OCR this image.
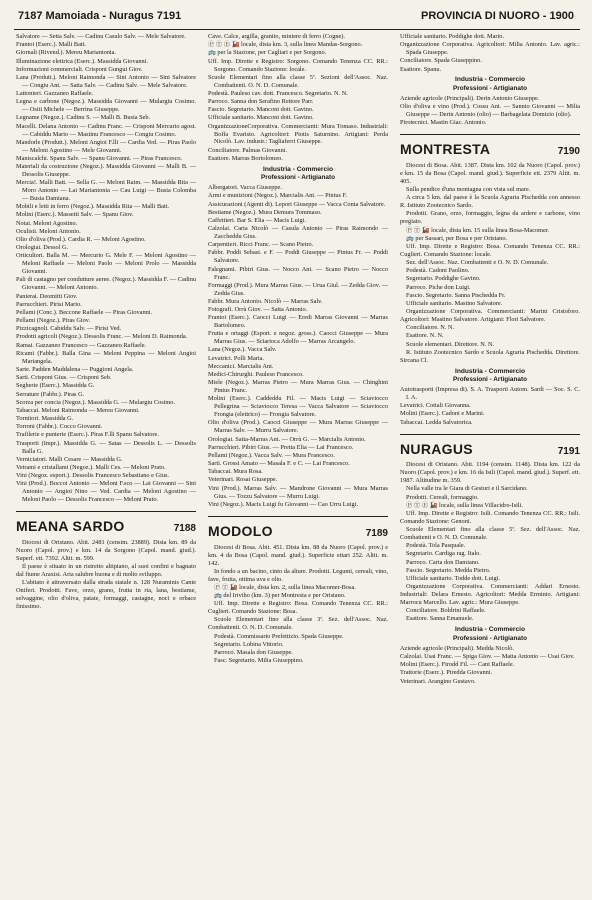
7187 Mamoiada - Nuragus 7191	PROVINCIA DI NUORO - 1900

Salvatore — Setta Salv. — Cadinu Casulo Salv. — Mele Salvatore.

Frantoi (Eserc.). Malli Batt.

Giornali (Rivend.). Mereu Mariantonia.

Illuminazione elettrica (Eserc.). Massidda Giovanni.

Informazioni commerciali. Crisponi Gungui Giov.

Lana (Produtt.). Meloni Raimonda — Sini Antonio — Sini Salvatore — Congiu Ant. — Satta Salv. — Cadinu Salv. — Mele Salvatore.

Lattonieri. Gazzaneo Raffaele.

Legna e carbone (Negoz.). Massidda Giovanni — Mulargiu Cosimo. — Ositi Michele — Berrina Giuseppe.

Legname (Negoz.). Cadinu S. — Malli B. Busia Seb.

Macelli. Delana Antonio — Cadinu Franc. — Crisponi Mercurio agost. — Cabiddu Mario — Mastinu Francesco — Congiu Cosimo.

Mandorle (Produtt.). Meloni Angioi F.lli — Cardia Ved. — Piras Paolo — Meloni Agostino — Mele Giovanni.

Maniscalchi. Spanu Salv. — Spanu Giovanni. — Piras Francesco.

Materiali da costruzione (Negoz.). Massidda Giovanni — Malli B. — Dessolis Giuseppe.

Mercia!. Malli Batt. — Sella G. — Meloni Raim. — Massidda Rita — Moro Antonio — Lai Mariantonia — Cau Luigi — Busia Colomba — Busia Damiana.

Mobili e letti in ferro (Negoz.). Massidda Rita — Malli Batt.

Molini (Eserc.). Massetti Salv. — Spanu Giov.

Notai. Meloni Agostino.

Oculisti. Meloni Antonio.

Olio d'oliva (Prod.). Cardia R. — Meloni Agostino.

Orologiai. Dessol G.

Orticultori. Balla M. — Mercurio G. Mele F. — Meloni Agostino — Meloni Raffaele — Meloni Paolo — Meloni Prolo — Massidda Giovanni.

Pali di castagno per condutture aeree. (Negoz.). Massidda F. — Cadinu Giovanni. — Meloni Antonio.

Panierai. Deomitti Giov.

Parrucchieri. Pirisi Mario.

Pellami (Conc.). Beccone Raffaele — Piras Giovanni.

Pellami (Negoz.). Piras Giov.

Pizzicagnoli. Cabiddu Salv. — Pirisi Ved.

Prodotti agricoli (Negoz.). Dessolis Franc. — Meloni D. Raimonda.

Ramai. Gazzaneo Francesco — Gazzaneo Raffaele.

Ricami (Fabbr.). Balla Gina — Meloni Peppina — Meloni Angioi Mariangela.

Sarte. Padden Maddalena — Puggioni Angela.

Sarti. Crisponi Gius. — Crisponi Seb.

Segherie (Eserc.). Massidda G.

Serrature (Fabbr.). Piras G.

Scorza per concia (Negoz.). Massidda G. — Mulargiu Cosimo.

Tabaccai. Meloni Raimonda — Mereu Giovanni.

Tornitori. Massidda G.

Torroni (Fabbr.). Cocco Giovanni.

Trafilerie e punterie (Eserc.). Piras F.lli Spanu Salvatore.

Trasporti (Impr.). Massidda G. — Satas — Dessolis L. — Dessolis Balla G.

Verniciatori. Malli Cesare — Massidda G.

Vetrami e cristallami (Negoz.). Malli Ces. — Meloni Prato.

Vini (Negoz. esport.). Dessolis Francesco Sebastiano e Gius.

Vini (Prod.). Boccoi Antonio — Meloni F.sco — Lai Giovanni — Sini Antonio — Angioi Nino — Ved. Cardia — Meloni Agostino — Meloni Paolo — Dessolis Francesco — Meloni Prato.

MEANA SARDO	7188

Diocesi di Oristano. Abit. 2481 (censim. 23889). Dista km. 89 da Nuoro (Capol. prov.) e km. 14 da Sorgono (Capol. mand. giud.). Superf. ett. 7392. Altit. m. 599.

Il paese è situato in un ristretto altipiano, al suoi confini e bagnato dal fiume Araxisi. Aria salubre buona e di molto sviluppo.

L'abitato è attraversato dalla strada statale n. 128 Nuraminis Cante Oniferi. Prodotti. Fave, orzo, grano, frutta in ria, lana, bestiame, selvaggine, olio d'oliva, patate, formaggi, castagne, noci e orbace finissimo.

Cave. Calce, argilla, granito, miniere di ferro (Cogne).

Ⓟ Ⓣ Ⓔ 🚂 locale, dista km. 3, sulla linea Mandas-Sorgono.

🚌 per la Stazione, per Cagliari e per Sorgono.

Uff. Imp. Dirette e Registro: Sorgono. Comando Tenenza CC. RR.: Sorgono. Comando Stazione: locale.

Scuole Elementari fino alla classe 5ª. Sezioni dell'Assoc. Naz. Combattenti. O. N. D. Comunale.

Podestà. Pauleso cav. dott. Francesco. Segretario. N. N.

Parroco. Sanna don Serafino Rettore Parr.

Fascio. Segretario. Manconi dott. Gavino.

Ufficiale sanitario. Manconi dott. Gavino.

OrganizzazioneCorporativa. Commercianti: Mura Tomaso. Industriali: Boffa Evaristo. Agricoltori: Piotis Saturnino. Artigiani: Perda Nicolò. Lav. industr.: Tagliaferri Giuseppe.

Conciliatore. Palmas Giovanni.

Esattore. Marras Bortolomeo.

Industria - Commercio
Professioni - Artigianato

Albergatori. Vacca Giuseppe.

Armi e munizioni (Negoz.). Marcialis Ant. — Pintus F.

Assicurazioni (Agenti di). Lepori Giuseppe — Vacca Conta Salvatore.

Bestiame (Negoz.). Mura Demura Tommaso.

Caffettieri. Bar S. Elia — Macis Luigi.

Calzolai. Carta Nicolò — Casula Antonio — Piras Raimondo — Zaccheddu Gius.

Carpentieri. Ricci Franc. — Scano Pietro.

Fabbr. Poddi Sebast. e F. — Poddi Giuseppe — Pintus Fr. — Poddi Salvatore.

Falegnami. Pibiri Gius. — Nocco Ant. — Scano Pietro — Nocco Franc.

Formaggi (Prod.). Mura Marras Gius. — Urua Giul. — Zedda Giov. — Zedda Gius.

Fabbr. Mura Antonio. Nicolò — Marras Salv.

Fotografi. Orrù Giov. — Satta Antonio.

Frantoi (Eserc.). Caocci Luigi — Eredi Marras Giovanni — Marras Bartolomeo.

Frutta e ortaggi (Esport. e negoz. gross.). Caocci Giuseppe — Mura Marras Gius. — Sciarioca Adolfo — Marras Arcangelo.

Lana (Negoz.). Vacca Salv.

Levatrici. Polli Maria.

Meccanici. Marcialis Ant.

Medici-Chirurghi. Pauleso Francesco.

Miele (Negoz.). Marras Pietro — Mura Marras Gius. — Chinghini Pintus Franc.

Molini (Eserc.). Caddeddu Fil. — Macis Luigi — Sciaviocco Pellegrina — Sciaviocco Teresa — Vacca Salvatore — Sciaviocco Frongia (elettrico) — Frongia Salvatore.

Olio d'oliva (Prod.). Caocci Giuseppe — Mura Marras Giuseppe — Marras Salv. — Murru Salvatore.

Orologiai. Satta-Marras Ant. — Orrù G. — Marcialis Antonio.

Parrucchieri. Pibiri Gius. — Pretta Elia — Lai Francesco.

Pellami (Negoz.). Vacca Salv. — Mura Francesco.

Sarti. Grossi Amato — Masala F. e C. — Lai Francesco.

Tabaccai. Mura Rosa.

Veterinari. Rosai Giuseppe.

Vini (Prod.). Marras Salv. — Mandrone Giovanni — Mura Marras Gius. — Tozzu Salvatore — Murru Luigi.

Vini (Negoz.). Macis Luigi fu Giovanni — Cao Urru Luigi.

MODOLO	7189

Diocesi di Bosa. Abit. 451. Dista km. 88 da Nuoro (Capol. prov.) e km. 4 da Bosa (Capol. mand. giud.). Superficie ettari 252. Altit. m. 142.

In fondo a un bacino, cinto da alture. Prodotti. Legumi, cereali, vino, fave, frutta, ottima uva e olio.

Ⓟ Ⓣ 🚂 locale, dista km. 2, sulla linea Macomer-Bosa.

🚌 del Iriviho (km. 3) per Montresta e per Oristano.

Uff. Imp. Dirette e Registro: Bosa. Comando Tenenza CC. RR.: Cuglieri. Comando Stazione: Bosa.

Scuole Elementari fino alla classe 3ª. Sez. dell'Assoc. Naz. Combattenti. O. N. D. Comunale.

Podestà. Commissario Prefettizio. Spada Giuseppe.

Segretario. Lobina Vittorio.

Parroco. Masala don Giuseppe.

Fasc. Segretario. Milia Giuseppino.

Ufficiale sanitario. Poddighe dott. Mario.

Organizzazione Corporativa. Agricoltori: Milia Antonio. Lav. agric.: Spada Giuseppe.

Conciliatore. Spada Giuseppino.

Esattore. Spanu.

Industria - Commercio
Professioni - Artigianato

Aziende agricole (Principali). Derin Antonio Giuseppe.

Olio d'oliva e vino (Prod.). Cossu Ant. — Sannio Giovanni — Milia Giuseppe — Derin Antonio (olio) — Barbagelata Domizio (olio).

Pirotecnici. Mastin Giac. Antonio.

MONTRESTA	7190

Diocesi di Bosa. Abit. 1387. Dista km. 102 da Nuoro (Capol. prov.) e km. 15 da Bosa (Capol. mand. giud.). Superficie ett. 2379 Altit. m. 405.

Sulla pendice d'una montagna con vista sul mare.

A circa 5 km. dal paese è la Scuola Agraria Pischedda con annesso R. Istituto Zootecnico Sardo.

Prodotti. Grano, orzo, formaggio, legna da ardere e carbone, vino pregiato.

Ⓟ Ⓣ 🚂 locale, dista km. 15 sulla linea Bosa-Macomer.

🚌 per Sassari, per Bosa e per Oristano.

Uff. Imp. Dirette e Registro: Bosa. Comando Tenenza CC. RR.: Cuglieri. Comando Stazione: locale.

Sez. dell'Assoc. Naz. Combattenti e O. N. D. Comunale.

Podestà. Cadoni Paolino.

Segretario. Poddighe Gavino.

Parroco. Piche don Luigi.

Fascio. Segretario. Sanna Pischedda Fr.

Ufficiale sanitario. Mastino Salvatore.

Organizzazione Corporativa. Commercianti: Marini Cristoforo. Agricoltori: Mastino Salvatore. Artigiani: Flori Salvatore.

Conciliatore. N. N.

Esattore. N. N.

Scuole elementari. Direttore. N. N.

R. Istituto Zootecnico Sardo e Scuola Agraria Pischedda. Direttore. Sircana Cl.

Industria - Commercio
Professioni - Artigianato

Autotrasporti (Impresa di). S. A. Trasporti Autom. Sardi — Soc. S. C. I. A.

Levatrici. Cottali Giovanna.

Molini (Eserc.). Cadoni e Marini.

Tabaccai. Ledda Salvatorica.

NURAGUS	7191

Diocesi di Oristano. Abit. 1194 (censim. 1148). Dista km. 122 da Nuoro (Capol. prov.) e km. 16 da Isili (Capol. mand. giud.). Superf. ett. 1987. Altitudine m. 359.

Nella valle tra le Giara di Gesturi e il Sarcidano.

Prodotti. Cereali, formaggio.

Ⓟ Ⓣ Ⓔ 🚂 locale, sulla linea Villacidro-Isili.

Uff. Imp. Dirette e Registro: Isili. Comando Tenenza CC. RR.: Isili. Comando Stazione: Genoni.

Scuole Elementari fino alla classe 5ª. Sez. dell'Assoc. Naz. Combattenti e O. N. D. Comunale.

Podestà. Tola Pasquale.

Segretario. Cardiga rag. Italo.

Parroco. Carta don Damiano.

Fascio. Segretario. Medda Pietro.

Ufficiale sanitario. Todde dott. Luigi.

Organizzazione Corporativa. Commercianti: Addari Ernesto. Industriali: Delara Ernesto. Agricoltori: Medda Erminio. Artigiani: Marrocu Marcello. Lav. agric.: Mura Giuseppe.

Conciliatore. Boldrini Raffaele.

Esattore. Sanna Emanuele.

Industria - Commercio
Professioni - Artigianato

Aziende agricole (Principali). Medda Nicolò.

Calzolai. Usai Franc. — Spiga Giov. — Matta Antonio — Usai Giov.

Molini (Eserc.). Firodd Fil. — Cani Raffaele.

Trattorie (Eserc.). Piredda Giovanni.

Veterinari. Arangino Gustavo.
